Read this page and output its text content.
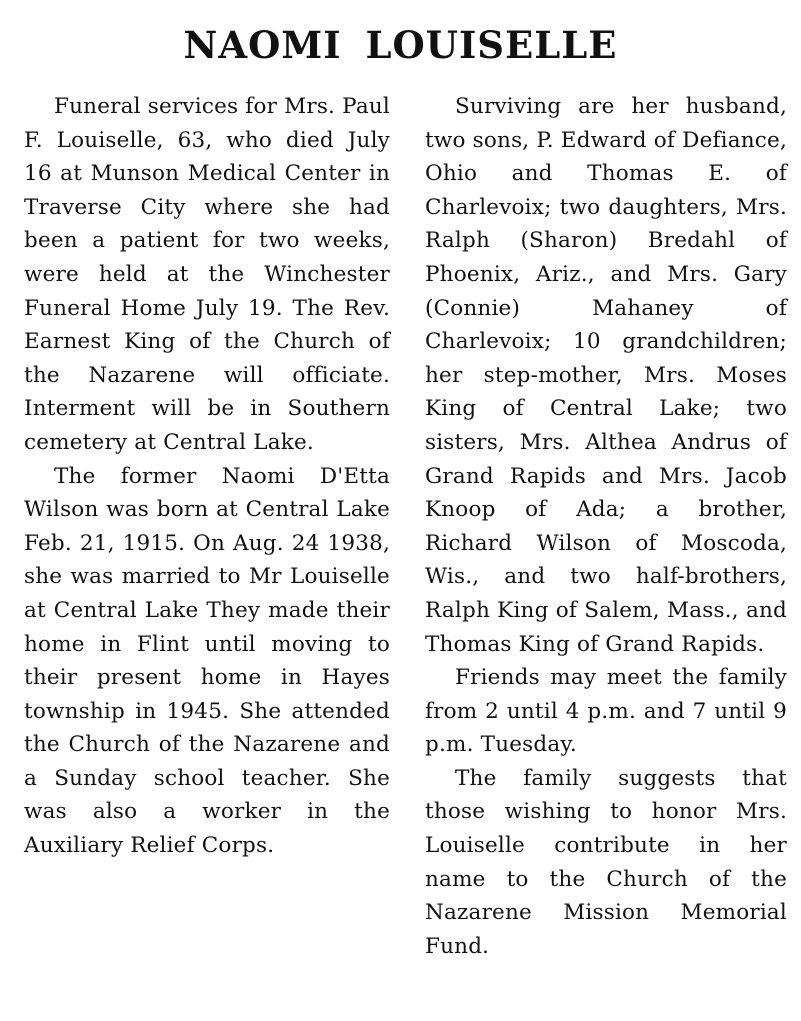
NAOMI LOUISELLE

Funeral services for Mrs. Paul F. Louiselle, 63, who died July 16 at Munson Medical Center in Traverse City where she had been a patient for two weeks, were held at the Winchester Funeral Home July 19. The Rev. Earnest King of the Church of the Nazarene will officiate. Interment will be in Southern cemetery at Central Lake.

The former Naomi D'Etta Wilson was born at Central Lake Feb. 21, 1915. On Aug. 24 1938, she was married to Mr Louiselle at Central Lake They made their home in Flint until moving to their present home in Hayes township in 1945. She attended the Church of the Nazarene and a Sunday school teacher. She was also a worker in the Auxiliary Relief Corps.

Surviving are her husband, two sons, P. Edward of Defiance, Ohio and Thomas E. of Charlevoix; two daughters, Mrs. Ralph (Sharon) Bredahl of Phoenix, Ariz., and Mrs. Gary (Connie) Mahaney of Charlevoix; 10 grandchildren; her step-mother, Mrs. Moses King of Central Lake; two sisters, Mrs. Althea Andrus of Grand Rapids and Mrs. Jacob Knoop of Ada; a brother, Richard Wilson of Moscoda, Wis., and two half-brothers, Ralph King of Salem, Mass., and Thomas King of Grand Rapids.

Friends may meet the family from 2 until 4 p.m. and 7 until 9 p.m. Tuesday.

The family suggests that those wishing to honor Mrs. Louiselle contribute in her name to the Church of the Nazarene Mission Memorial Fund.
